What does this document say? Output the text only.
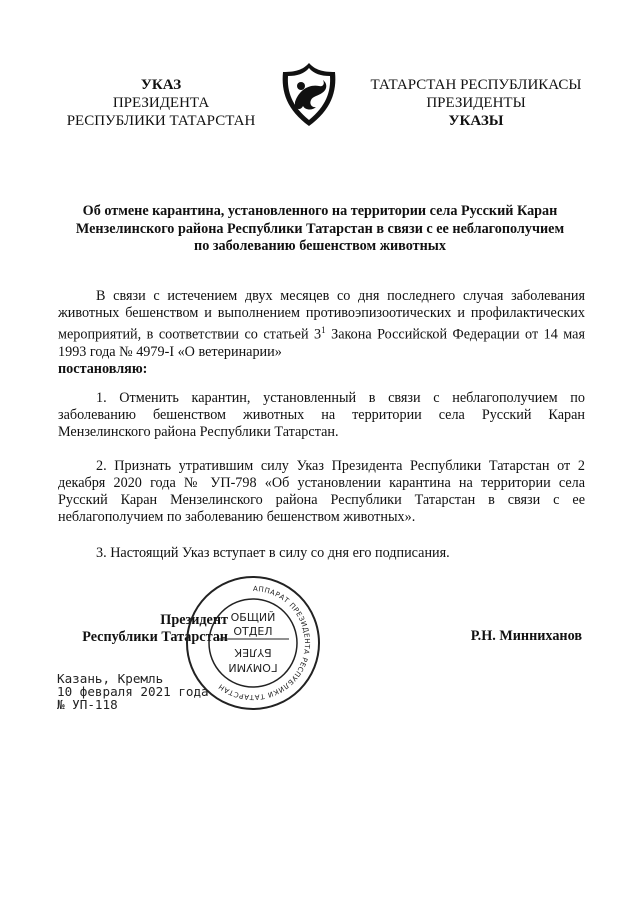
УКАЗ
ПРЕЗИДЕНТА
РЕСПУБЛИКИ ТАТАРСТАН
ТАТАРСТАН РЕСПУБЛИКАСЫ
ПРЕЗИДЕНТЫ
УКАЗЫ
Об отмене карантина, установленного на территории села Русский Каран Мензелинского района Республики Татарстан в связи с ее неблагополучием по заболеванию бешенством животных
В связи с истечением двух месяцев со дня последнего случая заболевания животных бешенством и выполнением противоэпизоотических и профилактических мероприятий, в соответствии со статьей $3^1$ Закона Российской Федерации от 14 мая 1993 года № 4979-I «О ветеринарии»
постановляю:
1. Отменить карантин, установленный в связи с неблагополучием по заболеванию бешенством животных на территории села Русский Каран Мензелинского района Республики Татарстан.
2. Признать утратившим силу Указ Президента Республики Татарстан от 2 декабря 2020 года № УП-798 «Об установлении карантина на территории села Русский Каран Мензелинского района Республики Татарстан в связи с ее неблагополучием по заболеванию бешенством животных».
3. Настоящий Указ вступает в силу со дня его подписания.
Президент
Республики Татарстан
АППАРАТ ПРЕЗИДЕНТА РЕСПУБЛИКИ ТАТАРСТАН
ОБЩИЙ
ОТДЕЛ
БҮЛЕК
ГОМУМИ
Р.Н. Минниханов
Казань, Кремль
10 февраля 2021 года
№ УП-118
